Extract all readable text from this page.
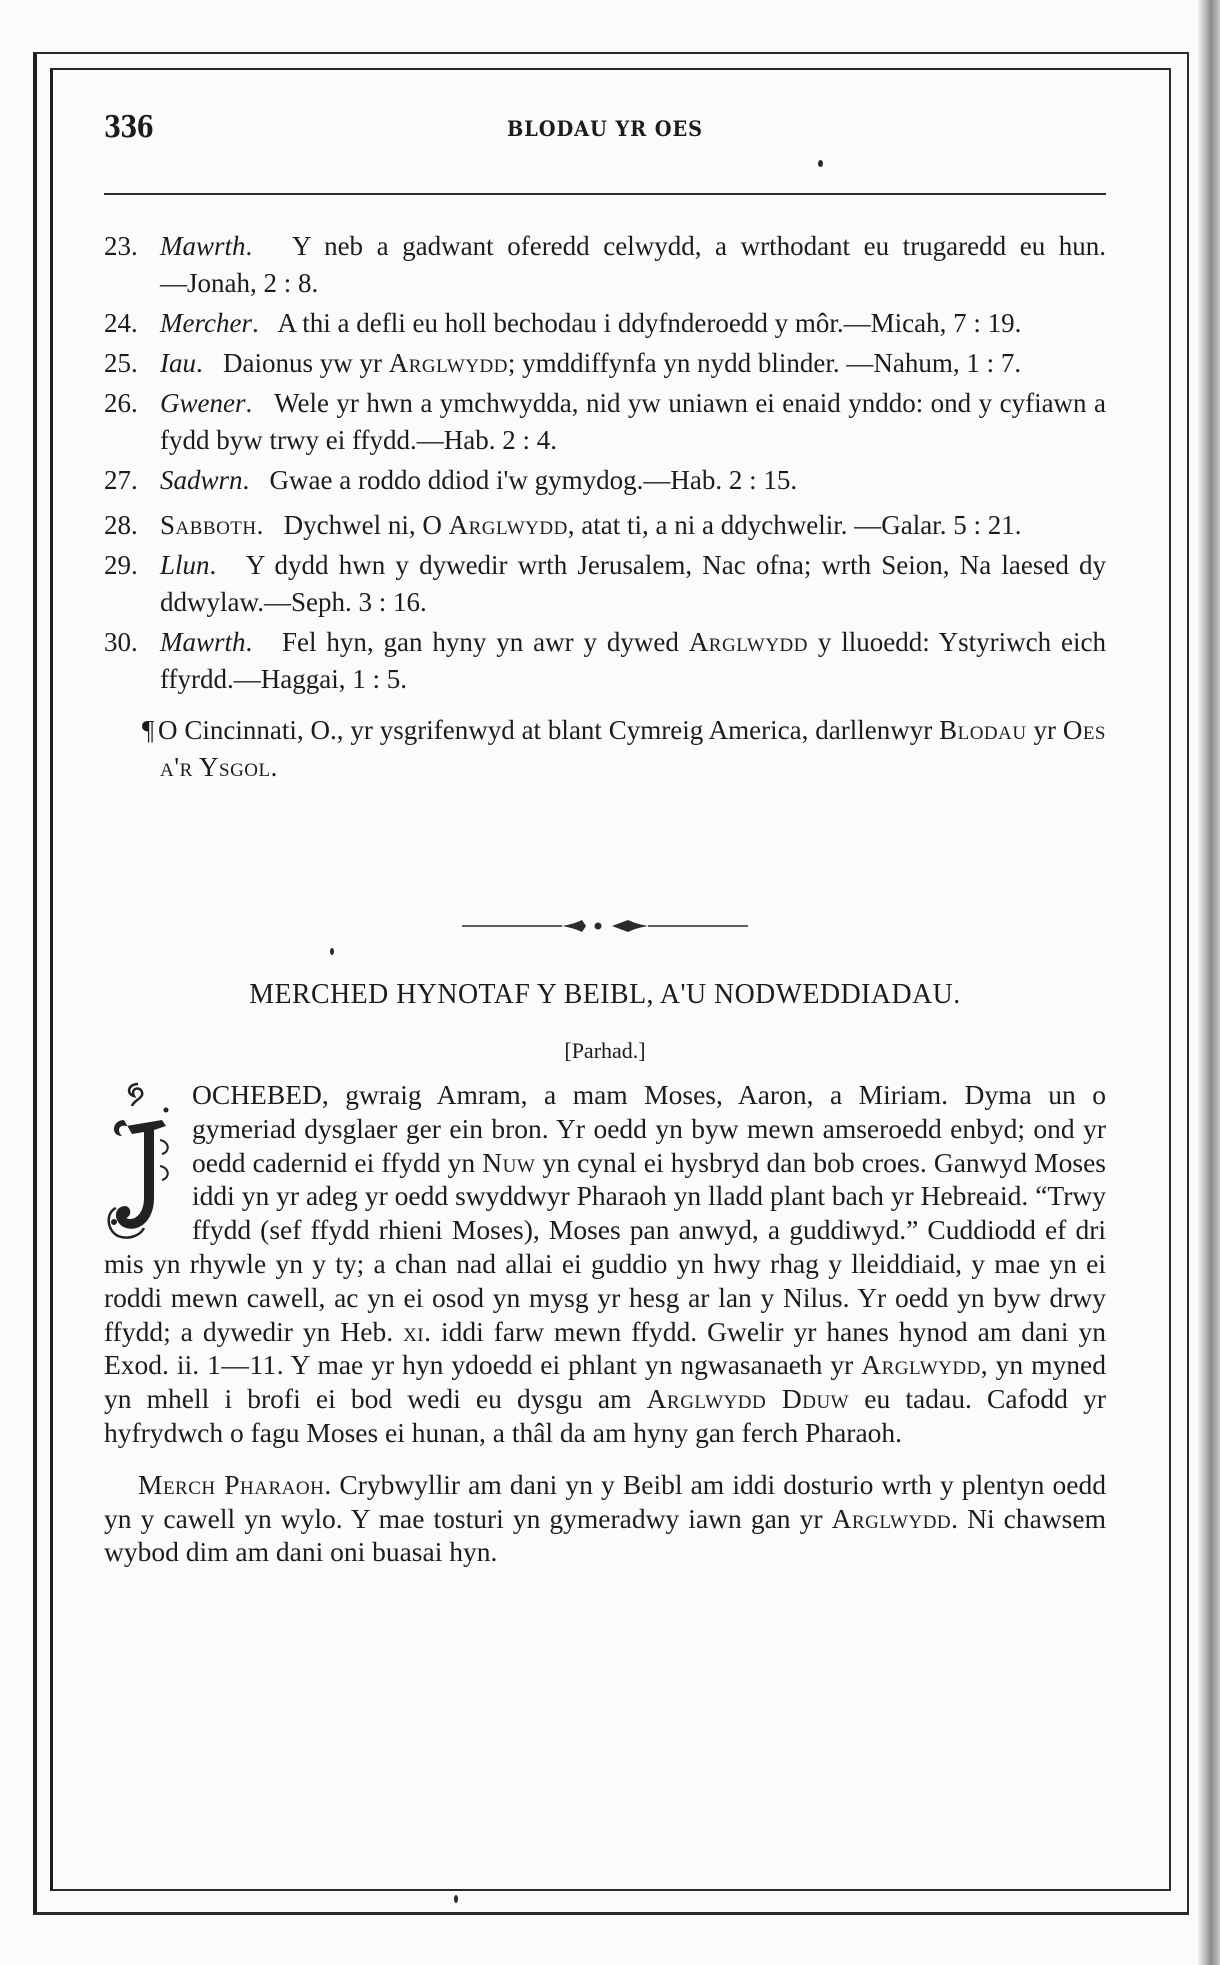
336	BLODAU YR OES
23 .	Mawrth.   Y neb a gadwant oferedd celwydd, a wrthodant eu trugaredd eu hun.—Jonah, 2 : 8.
24 .	Mercher.   A thi a defli eu holl bechodau i ddyfnderoedd y môr.—Micah, 7 : 19.
25 .	Iau.   Daionus yw yr Arglwydd; ymddiffynfa yn nydd blinder. —Nahum, 1 : 7.
26 .	Gwener.   Wele yr hwn a ymchwydda, nid yw uniawn ei enaid ynddo: ond y cyfiawn a fydd byw trwy ei ffydd.—Hab. 2 : 4.
27 .	Sadwrn.   Gwae a roddo ddiod i'w gymydog.—Hab. 2 : 15.
28 .	Sabboth.   Dychwel ni, O Arglwydd, atat ti, a ni a ddychwelir. —Galar. 5 : 21.
29 .	Llun.   Y dydd hwn y dywedir wrth Jerusalem, Nac ofna; wrth Seion, Na laesed dy ddwylaw.—Seph. 3 : 16.
30 .	Mawrth.   Fel hyn, gan hyny yn awr y dywed Arglwydd y lluoedd: Ystyriwch eich ffyrdd.—Haggai, 1 : 5.
¶ O Cincinnati, O., yr ysgrifenwyd at blant Cymreig America, darllenwyr Blodau yr Oes a'r Ysgol.
MERCHED HYNOTAF Y BEIBL, A'U NODWEDDIADAU.
[Parhad.]

OCHEBED, gwraig Amram, a mam Moses, Aaron, a Miriam. Dyma un o gymeriad dysglaer ger ein bron. Yr oedd yn byw mewn amseroedd enbyd; ond yr oedd cadernid ei ffydd yn Nuw yn cynal ei hysbryd dan bob croes. Ganwyd Moses iddi yn yr adeg yr oedd swyddwyr Pharaoh yn lladd plant bach yr Hebreaid. “Trwy ffydd (sef ffydd rhieni Moses), Moses pan anwyd, a guddiwyd.” Cuddiodd ef dri mis yn rhywle yn y ty; a chan nad allai ei guddio yn hwy rhag y lleiddiaid, y mae yn ei roddi mewn cawell, ac yn ei osod yn mysg yr hesg ar lan y Nilus. Yr oedd yn byw drwy ffydd; a dywedir yn Heb. xi. iddi farw mewn ffydd. Gwelir yr hanes hynod am dani yn Exod. ii. 1—11. Y mae yr hyn ydoedd ei phlant yn ngwasanaeth yr Arglwydd, yn myned yn mhell i brofi ei bod wedi eu dysgu am Arglwydd Dduw eu tadau. Cafodd yr hyfrydwch o fagu Moses ei hunan, a thâl da am hyny gan ferch Pharaoh.

Merch Pharaoh. Crybwyllir am dani yn y Beibl am iddi dosturio wrth y plentyn oedd yn y cawell yn wylo. Y mae tosturi yn gymeradwy iawn gan yr Arglwydd. Ni chawsem wybod dim am dani oni buasai hyn.
